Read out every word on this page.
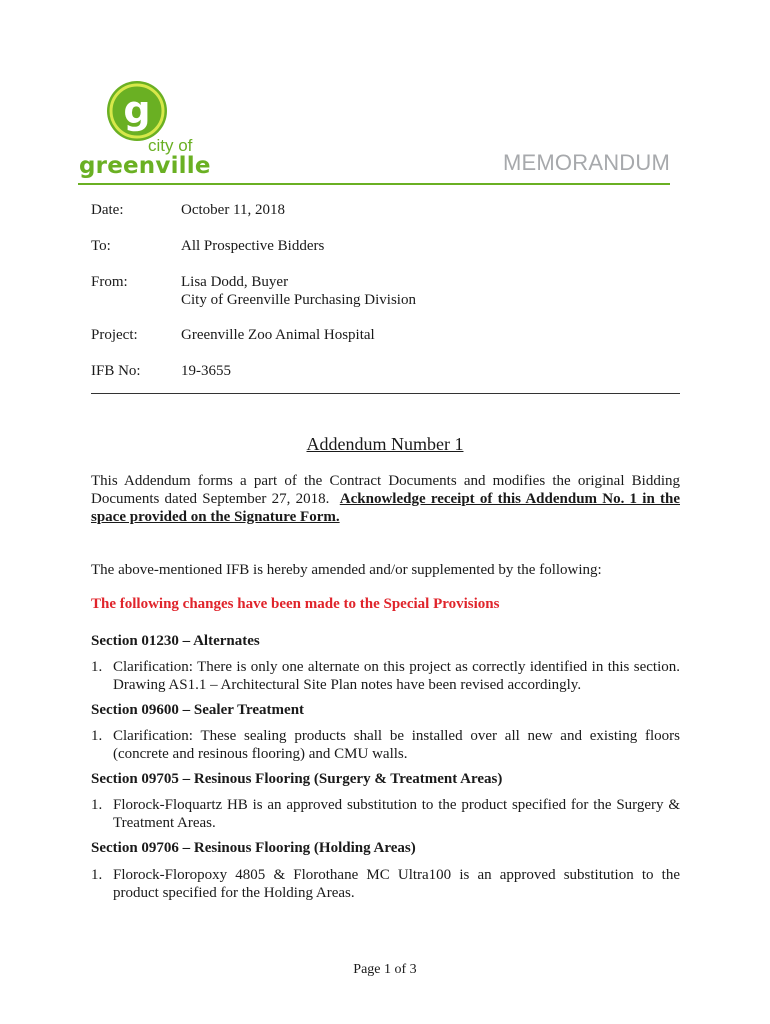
g
city of
greenville	MEMORANDUM
Date:	October 11, 2018
To:	All Prospective Bidders
From:	Lisa Dodd, Buyer
City of Greenville Purchasing Division
Project:	Greenville Zoo Animal Hospital
IFB No:	19-3655
Addendum Number 1
This Addendum forms a part of the Contract Documents and modifies the original Bidding Documents dated September 27, 2018. Acknowledge receipt of this Addendum No. 1 in the space provided on the Signature Form.
The above-mentioned IFB is hereby amended and/or supplemented by the following:
The following changes have been made to the Special Provisions
Section 01230 – Alternates
1. Clarification: There is only one alternate on this project as correctly identified in this section. Drawing AS1.1 – Architectural Site Plan notes have been revised accordingly.
Section 09600 – Sealer Treatment
1. Clarification: These sealing products shall be installed over all new and existing floors (concrete and resinous flooring) and CMU walls.
Section 09705 – Resinous Flooring (Surgery & Treatment Areas)
1. Florock-Floquartz HB is an approved substitution to the product specified for the Surgery & Treatment Areas.
Section 09706 – Resinous Flooring (Holding Areas)
1. Florock-Floropoxy 4805 & Florothane MC Ultra100 is an approved substitution to the product specified for the Holding Areas.
Page 1 of 3
